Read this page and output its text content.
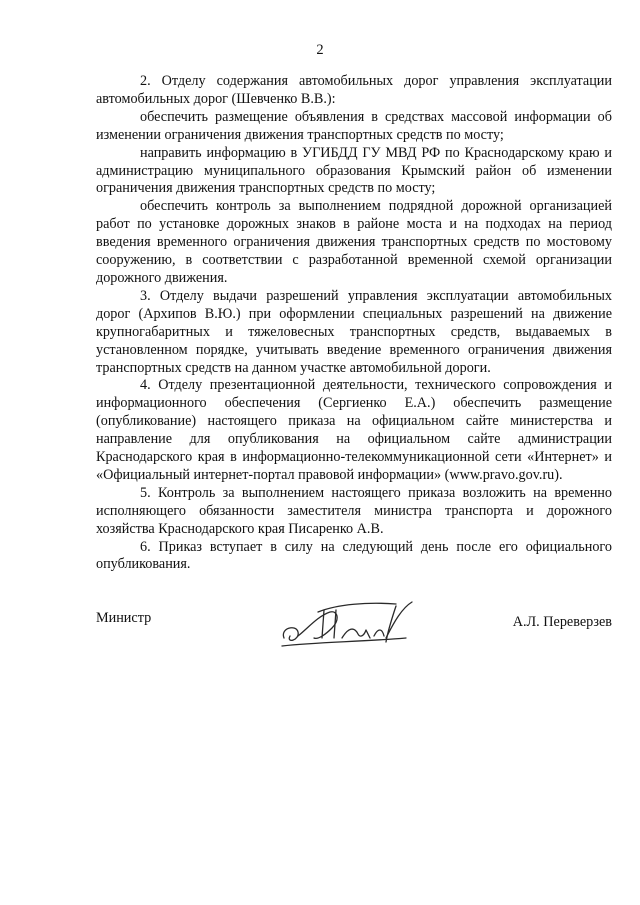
2

2. Отделу содержания автомобильных дорог управления эксплуатации автомобильных дорог (Шевченко В.В.):

обеспечить размещение объявления в средствах массовой информации об изменении ограничения движения транспортных средств по мосту;

направить информацию в УГИБДД ГУ МВД РФ по Краснодарскому краю и администрацию муниципального образования Крымский район об изменении ограничения движения транспортных средств по мосту;

обеспечить контроль за выполнением подрядной дорожной организацией работ по установке дорожных знаков в районе моста и на подходах на период введения временного ограничения движения транспортных средств по мостовому сооружению, в соответствии с разработанной временной схемой организации дорожного движения.

3. Отделу выдачи разрешений управления эксплуатации автомобильных дорог (Архипов В.Ю.) при оформлении специальных разрешений на движение крупногабаритных и тяжеловесных транспортных средств, выдаваемых в установленном порядке, учитывать введение временного ограничения движения транспортных средств на данном участке автомобильной дороги.

4. Отделу презентационной деятельности, технического сопровождения и информационного обеспечения (Сергиенко Е.А.) обеспечить размещение (опубликование) настоящего приказа на официальном сайте министерства и направление для опубликования на официальном сайте администрации Краснодарского края в информационно-телекоммуникационной сети «Интернет» и «Официальный интернет-портал правовой информации» (www.pravo.gov.ru).

5. Контроль за выполнением настоящего приказа возложить на временно исполняющего обязанности заместителя министра транспорта и дорожного хозяйства Краснодарского края Писаренко А.В.

6. Приказ вступает в силу на следующий день после его официального опубликования.

Министр	А.Л. Переверзев
